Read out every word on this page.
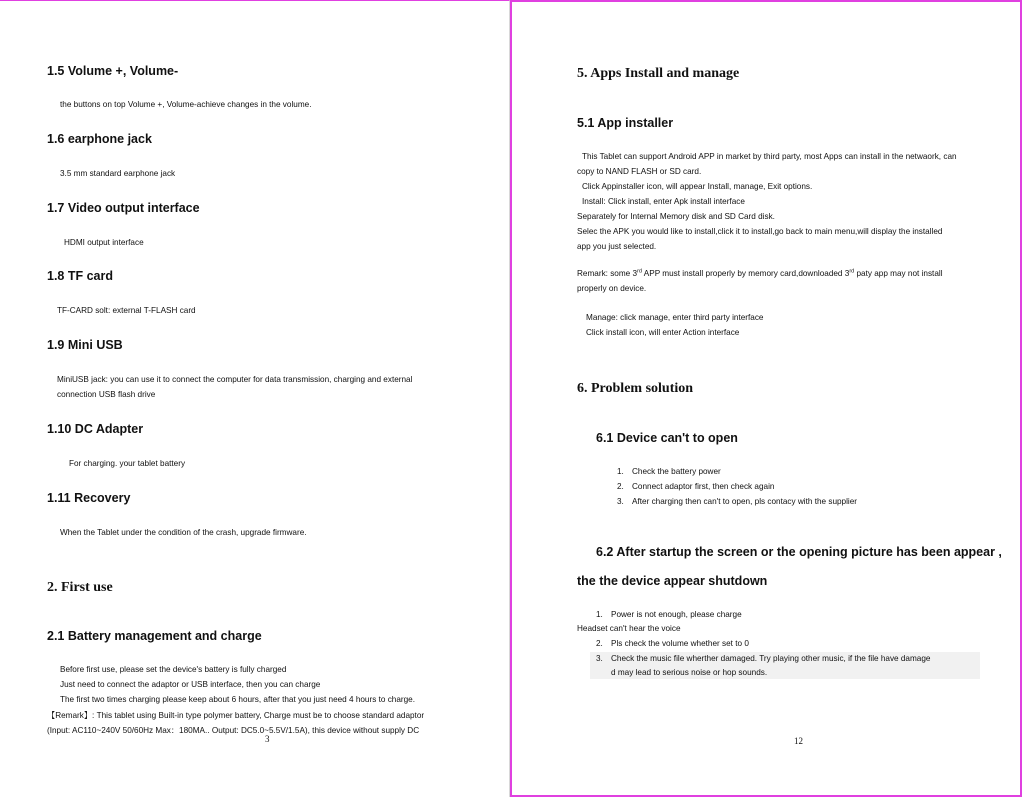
1.5 Volume +, Volume-
the buttons on top Volume +, Volume-achieve changes in the volume.
1.6 earphone jack
3.5 mm standard earphone jack
1.7 Video output interface
HDMI output interface
1.8 TF card
TF-CARD solt: external T-FLASH card
1.9 Mini USB
MiniUSB jack: you can use it to connect the computer for data transmission, charging and external
connection USB flash drive
1.10 DC Adapter
For charging. your tablet battery
1.11 Recovery
When the Tablet under the condition of the crash, upgrade firmware.
2. First use
2.1 Battery management and charge
Before first use, please set the device's battery is fully charged
Just need to connect the adaptor or USB interface, then you can charge
The first two times charging please keep about 6 hours, after that you just need 4 hours to charge.
【Remark】: This tablet using Built-in type polymer battery, Charge must be to choose standard adaptor
(Input: AC110~240V 50/60Hz Max：180MA.. Output: DC5.0~5.5V/1.5A), this device without supply DC
3
5. Apps Install and manage
5.1 App installer
This Tablet can support Android APP in market by third party, most Apps can install in the netwaork, can
copy to NAND FLASH or SD card.
Click Appinstaller icon, will appear Install, manage, Exit options.
Install: Click install, enter Apk install interface
Separately for Internal Memory disk and SD Card disk.
Selec the APK you would like to install,click it to install,go back to main menu,will display the installed
app you just selected.
Remark: some 3rd APP must install properly by memory card,downloaded 3rd paty app may not install
properly on device.
Manage: click manage, enter third party interface
Click install icon, will enter Action interface
6. Problem solution
6.1 Device can't to open
1. Check the battery power
2. Connect adaptor first, then check again
3. After charging then can't to open, pls contacy with the supplier
6.2 After startup the screen or the opening picture has been appear ,
the the device appear shutdown
1. Power is not enough, please charge
Headset can't hear the voice
2. Pls check the volume whether set to 0
3. Check the music file wherther damaged. Try playing other music, if the file have damage
d may lead to serious noise or hop sounds.
12
